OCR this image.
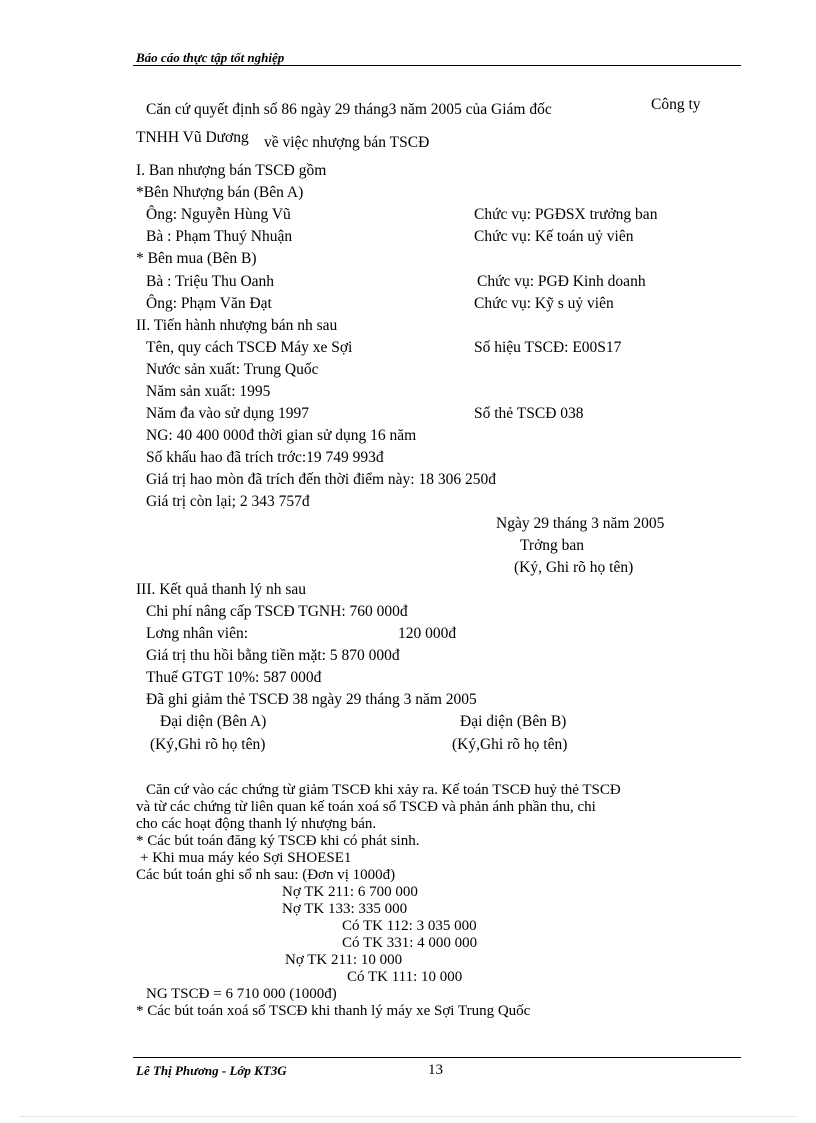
Báo cáo thực tập tốt nghiệp
Căn cứ quyết định số 86 ngày 29 tháng3 năm 2005 của Giám đốc	Công ty
TNHH Vũ Dương về việc nhượng bán TSCĐ
I. Ban nhượng bán TSCĐ gồm
*Bên Nhượng bán (Bên A)
Ông: Nguyễn Hùng Vũ	Chức vụ: PGĐSX trưởng ban
Bà : Phạm Thuý Nhuận	Chức vụ: Kế toán uỷ viên
* Bên mua (Bên B)
Bà : Triệu Thu Oanh	Chức vụ: PGĐ Kinh doanh
Ông: Phạm Văn Đạt	Chức vụ: Kỹ s uỷ viên
II. Tiến hành nhượng bán nh sau
Tên, quy cách TSCĐ Máy xe Sợi	Số hiệu TSCĐ: E00S17
Nước sản xuất: Trung Quốc
Năm sản xuất: 1995
Năm đa vào sử dụng 1997	Số thẻ TSCĐ 038
NG: 40 400 000đ thời gian sử dụng 16 năm
Số khấu hao đã trích trớc:19 749 993đ
Giá trị hao mòn đã trích đến thời điểm này: 18 306 250đ
Giá trị còn lại; 2 343 757đ
Ngày 29 tháng 3 năm 2005
Trởng ban
(Ký, Ghi rõ họ tên)
III. Kết quả thanh lý nh sau
Chi phí nâng cấp TSCĐ TGNH: 760 000đ
Lơng nhân viên:	120 000đ
Giá trị thu hồi bằng tiền mặt: 5 870 000đ
Thuế GTGT 10%: 587 000đ
Đã ghi giảm thẻ TSCĐ 38 ngày 29 tháng 3 năm 2005
Đại diện (Bên A)	Đại diện (Bên B)
(Ký,Ghi rõ họ tên)	(Ký,Ghi rõ họ tên)
Căn cứ vào các chứng từ giảm TSCĐ khi xảy ra. Kế toán TSCĐ huỷ thẻ TSCĐ
và từ các chứng từ liên quan kế toán xoá sổ TSCĐ và phản ánh phần thu, chi
cho các hoạt động thanh lý nhượng bán.
* Các bút toán đăng ký TSCĐ khi có phát sinh.
+ Khi mua máy kéo Sợi SHOESE1
Các bút toán ghi sổ nh sau: (Đơn vị 1000đ)
Nợ TK 211: 6 700 000
Nợ TK 133: 335 000
Có TK 112: 3 035 000
Có TK 331: 4 000 000
Nợ TK 211: 10 000
Có TK 111: 10 000
NG TSCĐ = 6 710 000 (1000đ)
* Các bút toán xoá sổ TSCĐ khi thanh lý máy xe Sợi Trung Quốc
Lê Thị Phương - Lớp KT3G	13
